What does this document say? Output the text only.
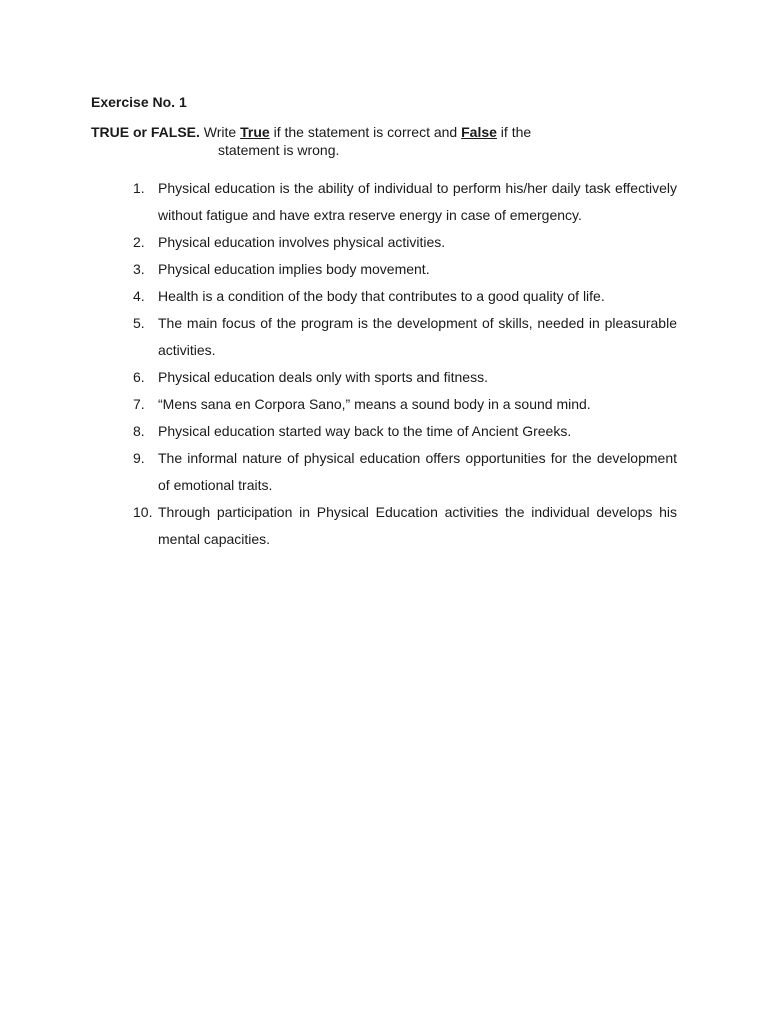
Exercise No. 1
TRUE or FALSE. Write True if the statement is correct and False if the
statement is wrong.
1. Physical education is the ability of individual to perform his/her daily task effectively without fatigue and have extra reserve energy in case of emergency.
2. Physical education involves physical activities.
3. Physical education implies body movement.
4. Health is a condition of the body that contributes to a good quality of life.
5. The main focus of the program is the development of skills, needed in pleasurable activities.
6. Physical education deals only with sports and fitness.
7. “Mens sana en Corpora Sano,” means a sound body in a sound mind.
8. Physical education started way back to the time of Ancient Greeks.
9. The informal nature of physical education offers opportunities for the development of emotional traits.
10. Through participation in Physical Education activities the individual develops his mental capacities.
